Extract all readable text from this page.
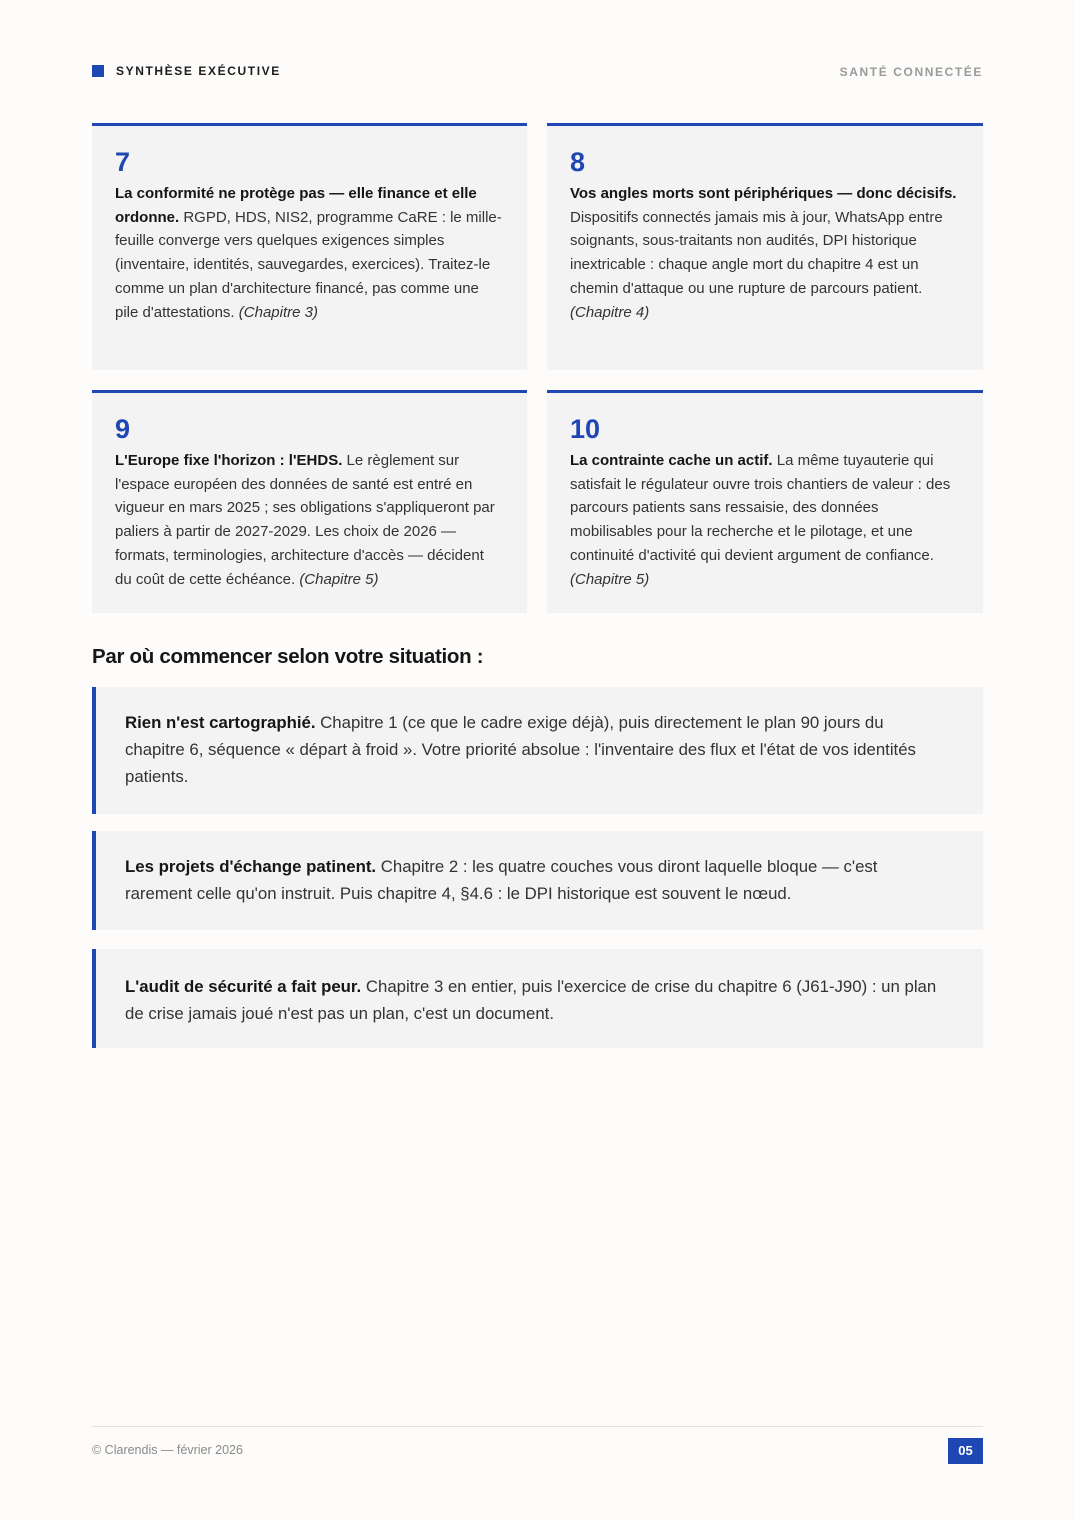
SYNTHÈSE EXÉCUTIVE	SANTÉ CONNECTÉE
7

La conformité ne protège pas — elle finance et elle ordonne. RGPD, HDS, NIS2, programme CaRE : le mille-feuille converge vers quelques exigences simples (inventaire, identités, sauvegardes, exercices). Traitez-le comme un plan d'architecture financé, pas comme une pile d'attestations. (Chapitre 3)

8

Vos angles morts sont périphériques — donc décisifs. Dispositifs connectés jamais mis à jour, WhatsApp entre soignants, sous-traitants non audités, DPI historique inextricable : chaque angle mort du chapitre 4 est un chemin d'attaque ou une rupture de parcours patient. (Chapitre 4)

9

L'Europe fixe l'horizon : l'EHDS. Le règlement sur l'espace européen des données de santé est entré en vigueur en mars 2025 ; ses obligations s'appliqueront par paliers à partir de 2027-2029. Les choix de 2026 — formats, terminologies, architecture d'accès — décident du coût de cette échéance. (Chapitre 5)

10

La contrainte cache un actif. La même tuyauterie qui satisfait le régulateur ouvre trois chantiers de valeur : des parcours patients sans ressaisie, des données mobilisables pour la recherche et le pilotage, et une continuité d'activité qui devient argument de confiance. (Chapitre 5)

Par où commencer selon votre situation :
Rien n'est cartographié. Chapitre 1 (ce que le cadre exige déjà), puis directement le plan 90 jours du chapitre 6, séquence « départ à froid ». Votre priorité absolue : l'inventaire des flux et l'état de vos identités patients.
Les projets d'échange patinent. Chapitre 2 : les quatre couches vous diront laquelle bloque — c'est rarement celle qu'on instruit. Puis chapitre 4, §4.6 : le DPI historique est souvent le nœud.
L'audit de sécurité a fait peur. Chapitre 3 en entier, puis l'exercice de crise du chapitre 6 (J61-J90) : un plan de crise jamais joué n'est pas un plan, c'est un document.
© Clarendis — février 2026	05
